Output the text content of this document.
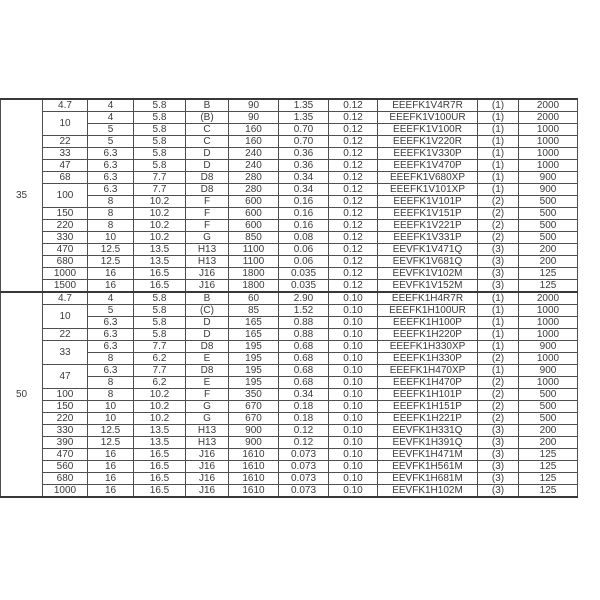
35	4.7	4	5.8	B	90	1.35	0.12	EEEFK1V4R7R	(1)	2000
	10	4	5.8	(B)	90	1.35	0.12	EEEFK1V100UR	(1)	2000
		5	5.8	C	160	0.70	0.12	EEEFK1V100R	(1)	1000
	22	5	5.8	C	160	0.70	0.12	EEEFK1V220R	(1)	1000
	33	6.3	5.8	D	240	0.36	0.12	EEEFK1V330P	(1)	1000
	47	6.3	5.8	D	240	0.36	0.12	EEEFK1V470P	(1)	1000
	68	6.3	7.7	D8	280	0.34	0.12	EEEFK1V680XP	(1)	900
	100	6.3	7.7	D8	280	0.34	0.12	EEEFK1V101XP	(1)	900
		8	10.2	F	600	0.16	0.12	EEEFK1V101P	(2)	500
	150	8	10.2	F	600	0.16	0.12	EEEFK1V151P	(2)	500
	220	8	10.2	F	600	0.16	0.12	EEEFK1V221P	(2)	500
	330	10	10.2	G	850	0.08	0.12	EEEFK1V331P	(2)	500
	470	12.5	13.5	H13	1100	0.06	0.12	EEVFK1V471Q	(3)	200
	680	12.5	13.5	H13	1100	0.06	0.12	EEVFK1V681Q	(3)	200
	1000	16	16.5	J16	1800	0.035	0.12	EEVFK1V102M	(3)	125
	1500	16	16.5	J16	1800	0.035	0.12	EEVFK1V152M	(3)	125
50	4.7	4	5.8	B	60	2.90	0.10	EEEFK1H4R7R	(1)	2000
	10	5	5.8	(C)	85	1.52	0.10	EEEFK1H100UR	(1)	1000
		6.3	5.8	D	165	0.88	0.10	EEEFK1H100P	(1)	1000
	22	6.3	5.8	D	165	0.88	0.10	EEEFK1H220P	(1)	1000
	33	6.3	7.7	D8	195	0.68	0.10	EEEFK1H330XP	(1)	900
		8	6.2	E	195	0.68	0.10	EEEFK1H330P	(2)	1000
	47	6.3	7.7	D8	195	0.68	0.10	EEEFK1H470XP	(1)	900
		8	6.2	E	195	0.68	0.10	EEEFK1H470P	(2)	1000
	100	8	10.2	F	350	0.34	0.10	EEEFK1H101P	(2)	500
	150	10	10.2	G	670	0.18	0.10	EEEFK1H151P	(2)	500
	220	10	10.2	G	670	0.18	0.10	EEEFK1H221P	(2)	500
	330	12.5	13.5	H13	900	0.12	0.10	EEVFK1H331Q	(3)	200
	390	12.5	13.5	H13	900	0.12	0.10	EEVFK1H391Q	(3)	200
	470	16	16.5	J16	1610	0.073	0.10	EEVFK1H471M	(3)	125
	560	16	16.5	J16	1610	0.073	0.10	EEVFK1H561M	(3)	125
	680	16	16.5	J16	1610	0.073	0.10	EEVFK1H681M	(3)	125
	1000	16	16.5	J16	1610	0.073	0.10	EEVFK1H102M	(3)	125
